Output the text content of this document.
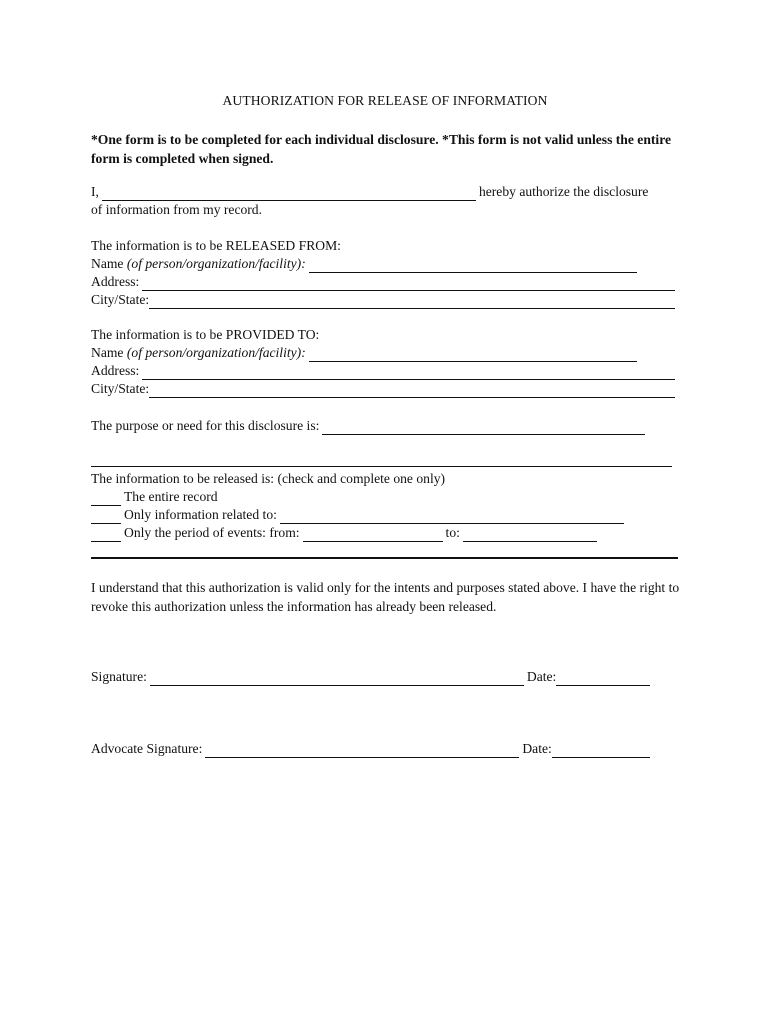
AUTHORIZATION FOR RELEASE OF INFORMATION
*One form is to be completed for each individual disclosure. *This form is not valid unless the entire form is completed when signed.
I,	hereby authorize the disclosure
of information from my record.
The information is to be RELEASED FROM:
Name
(of person/organization/facility):
Address:
City/State:
The information is to be PROVIDED TO:
Name
(of person/organization/facility):
Address:
City/State:
The purpose or need for this disclosure is:
The information to be released is: (check and complete one only)
The entire record
Only information related to:
Only the period of events: from:	to:
I understand that this authorization is valid only for the intents and purposes stated above. I have the right to revoke this authorization unless the information has already been released.
Signature:	Date:
Advocate Signature:	Date:
